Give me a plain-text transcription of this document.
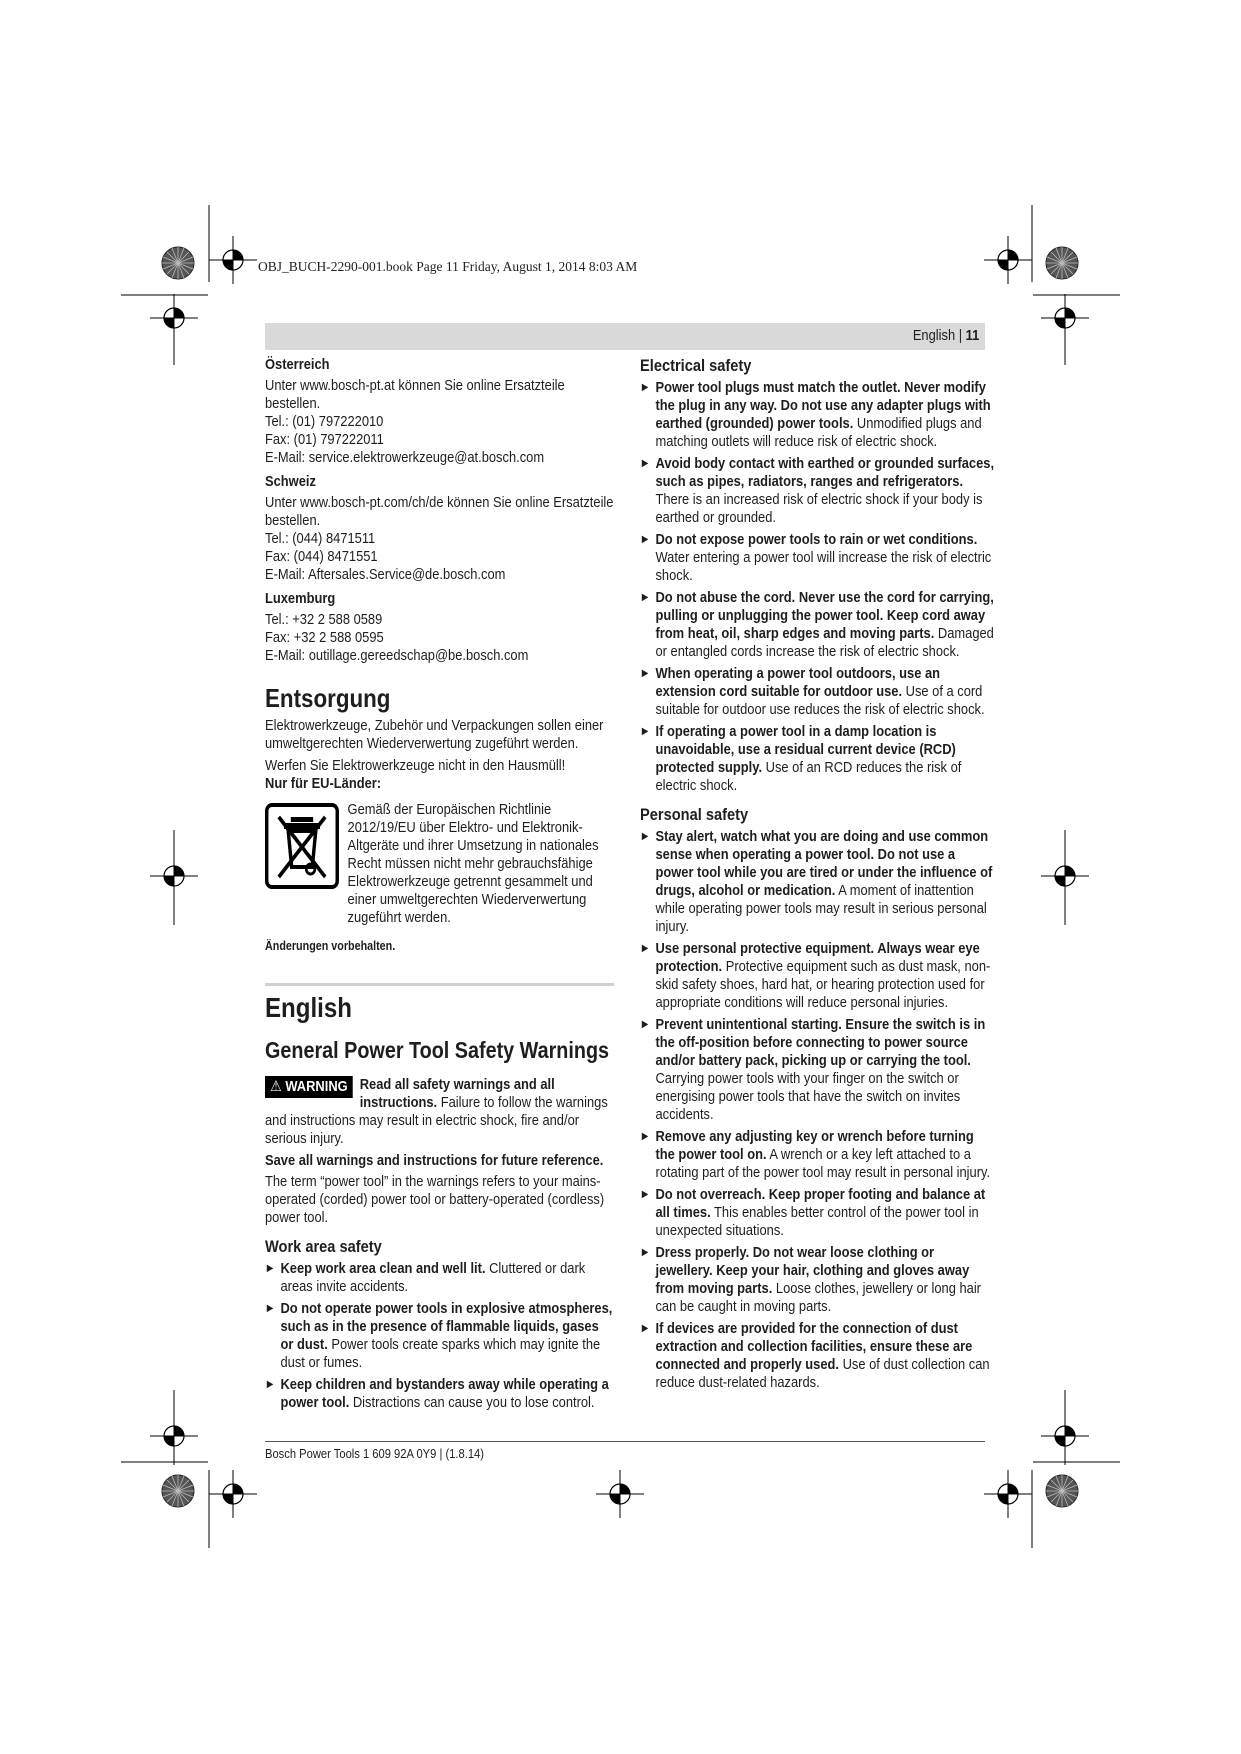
OBJ_BUCH-2290-001.book Page 11 Friday, August 1, 2014 8:03 AM
English | 11
Österreich

Unter www.bosch-pt.at können Sie online Ersatzteile bestellen.

Tel.: (01) 797222010

Fax: (01) 797222011

E-Mail: service.elektrowerkzeuge@at.bosch.com

Schweiz

Unter www.bosch-pt.com/ch/de können Sie online Ersatzteile bestellen.

Tel.: (044) 8471511

Fax: (044) 8471551

E-Mail: Aftersales.Service@de.bosch.com

Luxemburg

Tel.: +32 2 588 0589

Fax: +32 2 588 0595

E-Mail: outillage.gereedschap@be.bosch.com

Entsorgung

Elektrowerkzeuge, Zubehör und Verpackungen sollen einer umweltgerechten Wiederverwertung zugeführt werden.

Werfen Sie Elektrowerkzeuge nicht in den Hausmüll!

Nur für EU-Länder:
Gemäß der Europäischen Richtlinie 2012/19/EU über Elektro- und Elektronik-Altgeräte und ihrer Umsetzung in nationales Recht müssen nicht mehr gebrauchsfähige Elektrowerkzeuge getrennt gesammelt und einer umweltgerechten Wiederverwertung zugeführt werden.
Änderungen vorbehalten.
English
General Power Tool Safety Warnings
⚠ WARNING Read all safety warnings and all instructions. Failure to follow the warnings and instructions may result in electric shock, fire and/or serious injury.

Save all warnings and instructions for future reference.

The term “power tool” in the warnings refers to your mains-operated (corded) power tool or battery-operated (cordless) power tool.

Work area safety
▶ Keep work area clean and well lit. Cluttered or dark areas invite accidents.
▶ Do not operate power tools in explosive atmospheres, such as in the presence of flammable liquids, gases or dust. Power tools create sparks which may ignite the dust or fumes.
▶ Keep children and bystanders away while operating a power tool. Distractions can cause you to lose control.
Electrical safety
▶ Power tool plugs must match the outlet. Never modify the plug in any way. Do not use any adapter plugs with earthed (grounded) power tools. Unmodified plugs and matching outlets will reduce risk of electric shock.
▶ Avoid body contact with earthed or grounded surfaces, such as pipes, radiators, ranges and refrigerators. There is an increased risk of electric shock if your body is earthed or grounded.
▶ Do not expose power tools to rain or wet conditions. Water entering a power tool will increase the risk of electric shock.
▶ Do not abuse the cord. Never use the cord for carrying, pulling or unplugging the power tool. Keep cord away from heat, oil, sharp edges and moving parts. Damaged or entangled cords increase the risk of electric shock.
▶ When operating a power tool outdoors, use an extension cord suitable for outdoor use. Use of a cord suitable for outdoor use reduces the risk of electric shock.
▶ If operating a power tool in a damp location is unavoidable, use a residual current device (RCD) protected supply. Use of an RCD reduces the risk of electric shock.
Personal safety
▶ Stay alert, watch what you are doing and use common sense when operating a power tool. Do not use a power tool while you are tired or under the influence of drugs, alcohol or medication. A moment of inattention while operating power tools may result in serious personal injury.
▶ Use personal protective equipment. Always wear eye protection. Protective equipment such as dust mask, non-skid safety shoes, hard hat, or hearing protection used for appropriate conditions will reduce personal injuries.
▶ Prevent unintentional starting. Ensure the switch is in the off-position before connecting to power source and/or battery pack, picking up or carrying the tool. Carrying power tools with your finger on the switch or energising power tools that have the switch on invites accidents.
▶ Remove any adjusting key or wrench before turning the power tool on. A wrench or a key left attached to a rotating part of the power tool may result in personal injury.
▶ Do not overreach. Keep proper footing and balance at all times. This enables better control of the power tool in unexpected situations.
▶ Dress properly. Do not wear loose clothing or jewellery. Keep your hair, clothing and gloves away from moving parts. Loose clothes, jewellery or long hair can be caught in moving parts.
▶ If devices are provided for the connection of dust extraction and collection facilities, ensure these are connected and properly used. Use of dust collection can reduce dust-related hazards.
Bosch Power Tools 1 609 92A 0Y9 | (1.8.14)
